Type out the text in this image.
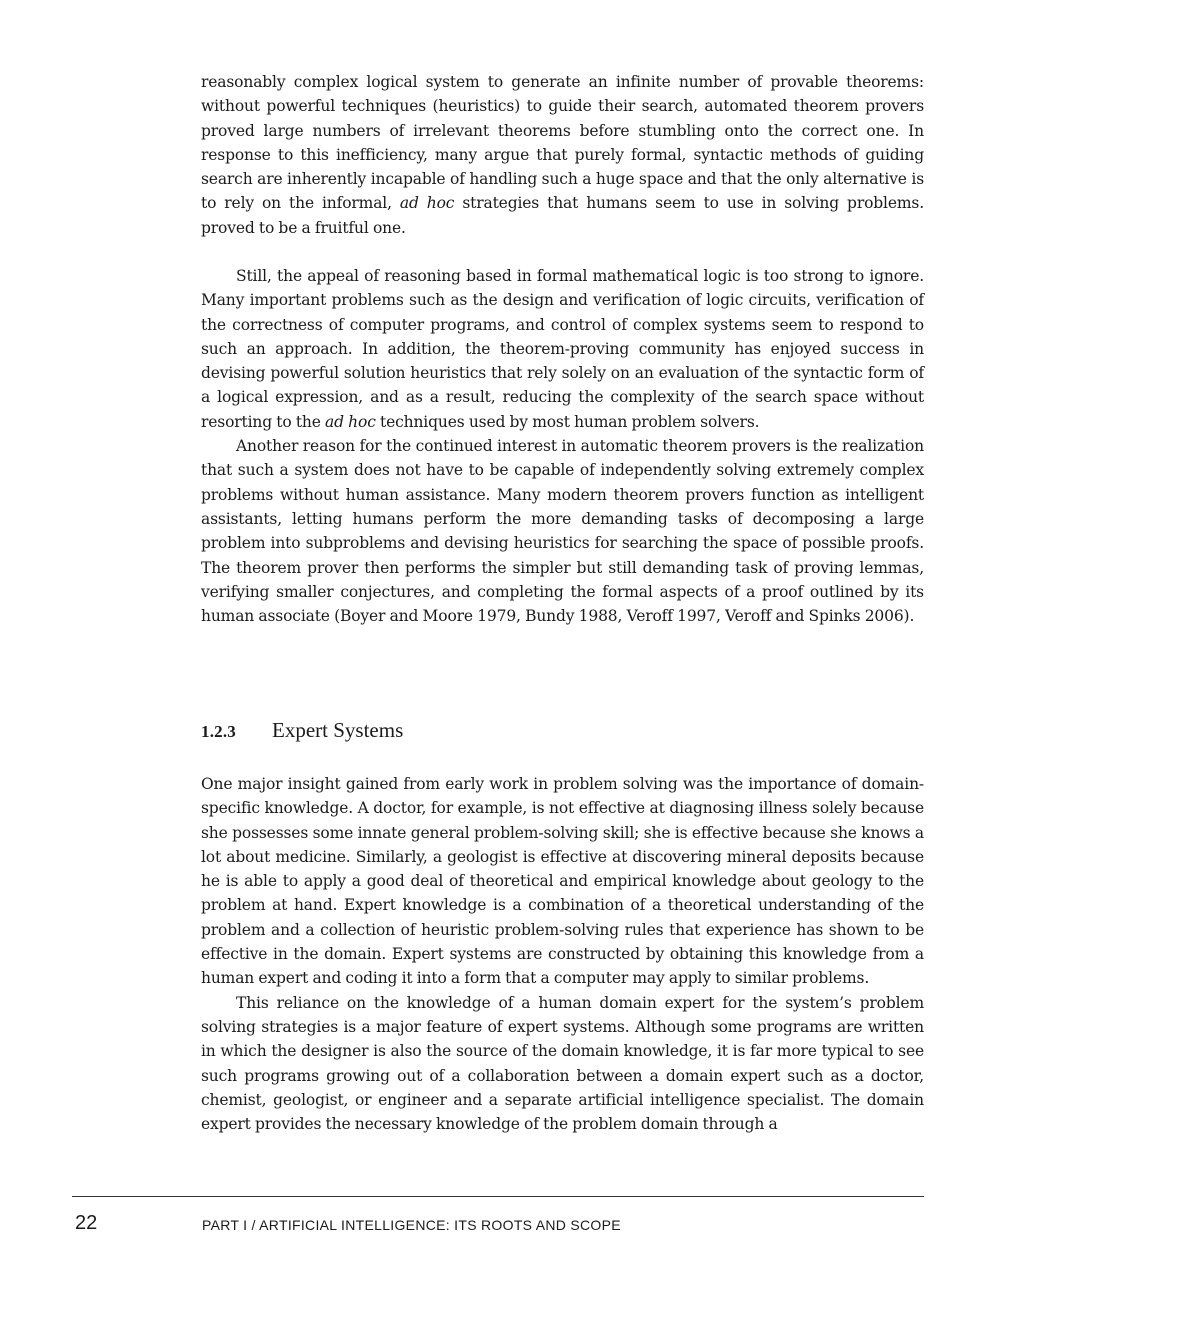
reasonably complex logical system to generate an infinite number of provable theorems: without powerful techniques (heuristics) to guide their search, automated theorem provers proved large numbers of irrelevant theorems before stumbling onto the correct one. In response to this inefficiency, many argue that purely formal, syntactic methods of guiding search are inherently incapable of handling such a huge space and that the only alternative is to rely on the informal, ad hoc strategies that humans seem to use in solving problems. proved to be a fruitful one.

Still, the appeal of reasoning based in formal mathematical logic is too strong to ignore. Many important problems such as the design and verification of logic circuits, verification of the correctness of computer programs, and control of complex systems seem to respond to such an approach. In addition, the theorem-proving community has enjoyed success in devising powerful solution heuristics that rely solely on an evaluation of the syntactic form of a logical expression, and as a result, reducing the complexity of the search space without resorting to the ad hoc techniques used by most human problem solvers.

Another reason for the continued interest in automatic theorem provers is the realization that such a system does not have to be capable of independently solving extremely complex problems without human assistance. Many modern theorem provers function as intelligent assistants, letting humans perform the more demanding tasks of decomposing a large problem into subproblems and devising heuristics for searching the space of possible proofs. The theorem prover then performs the simpler but still demanding task of proving lemmas, verifying smaller conjectures, and completing the formal aspects of a proof outlined by its human associate (Boyer and Moore 1979, Bundy 1988, Veroff 1997, Veroff and Spinks 2006).

1.2.3	Expert Systems

One major insight gained from early work in problem solving was the importance of domain-specific knowledge. A doctor, for example, is not effective at diagnosing illness solely because she possesses some innate general problem-solving skill; she is effective because she knows a lot about medicine. Similarly, a geologist is effective at discovering mineral deposits because he is able to apply a good deal of theoretical and empirical knowledge about geology to the problem at hand. Expert knowledge is a combination of a theoretical understanding of the problem and a collection of heuristic problem-solving rules that experience has shown to be effective in the domain. Expert systems are constructed by obtaining this knowledge from a human expert and coding it into a form that a computer may apply to similar problems.

This reliance on the knowledge of a human domain expert for the system’s problem solving strategies is a major feature of expert systems. Although some programs are written in which the designer is also the source of the domain knowledge, it is far more typical to see such programs growing out of a collaboration between a domain expert such as a doctor, chemist, geologist, or engineer and a separate artificial intelligence specialist. The domain expert provides the necessary knowledge of the problem domain through a

22	PART I / ARTIFICIAL INTELLIGENCE: ITS ROOTS AND SCOPE
